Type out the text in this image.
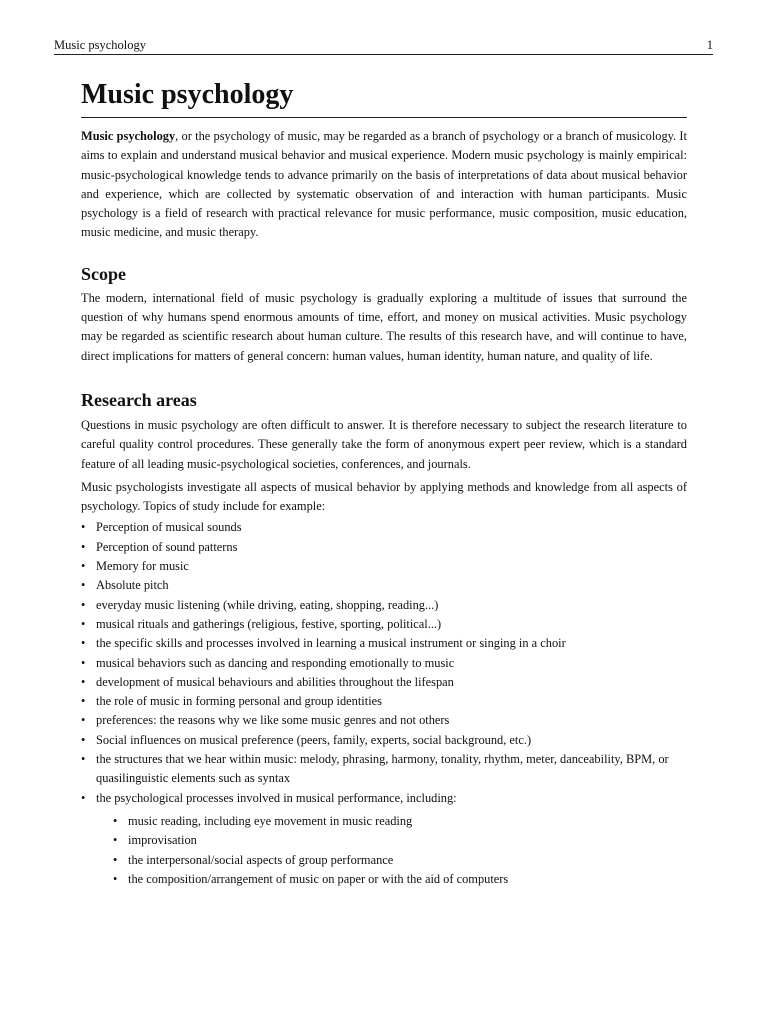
Music psychology	1
Music psychology

Music psychology, or the psychology of music, may be regarded as a branch of psychology or a branch of musicology. It aims to explain and understand musical behavior and musical experience. Modern music psychology is mainly empirical: music-psychological knowledge tends to advance primarily on the basis of interpretations of data about musical behavior and experience, which are collected by systematic observation of and interaction with human participants. Music psychology is a field of research with practical relevance for music performance, music composition, music education, music medicine, and music therapy.

Scope

The modern, international field of music psychology is gradually exploring a multitude of issues that surround the question of why humans spend enormous amounts of time, effort, and money on musical activities. Music psychology may be regarded as scientific research about human culture. The results of this research have, and will continue to have, direct implications for matters of general concern: human values, human identity, human nature, and quality of life.

Research areas

Questions in music psychology are often difficult to answer. It is therefore necessary to subject the research literature to careful quality control procedures. These generally take the form of anonymous expert peer review, which is a standard feature of all leading music-psychological societies, conferences, and journals.

Music psychologists investigate all aspects of musical behavior by applying methods and knowledge from all aspects of psychology. Topics of study include for example:

• Perception of musical sounds
• Perception of sound patterns
• Memory for music
• Absolute pitch
• everyday music listening (while driving, eating, shopping, reading...)
• musical rituals and gatherings (religious, festive, sporting, political...)
• the specific skills and processes involved in learning a musical instrument or singing in a choir
• musical behaviors such as dancing and responding emotionally to music
• development of musical behaviours and abilities throughout the lifespan
• the role of music in forming personal and group identities
• preferences: the reasons why we like some music genres and not others
• Social influences on musical preference (peers, family, experts, social background, etc.)
• the structures that we hear within music: melody, phrasing, harmony, tonality, rhythm, meter, danceability, BPM, or quasilinguistic elements such as syntax
• the psychological processes involved in musical performance, including:
• music reading, including eye movement in music reading
• improvisation
• the interpersonal/social aspects of group performance
• the composition/arrangement of music on paper or with the aid of computers
